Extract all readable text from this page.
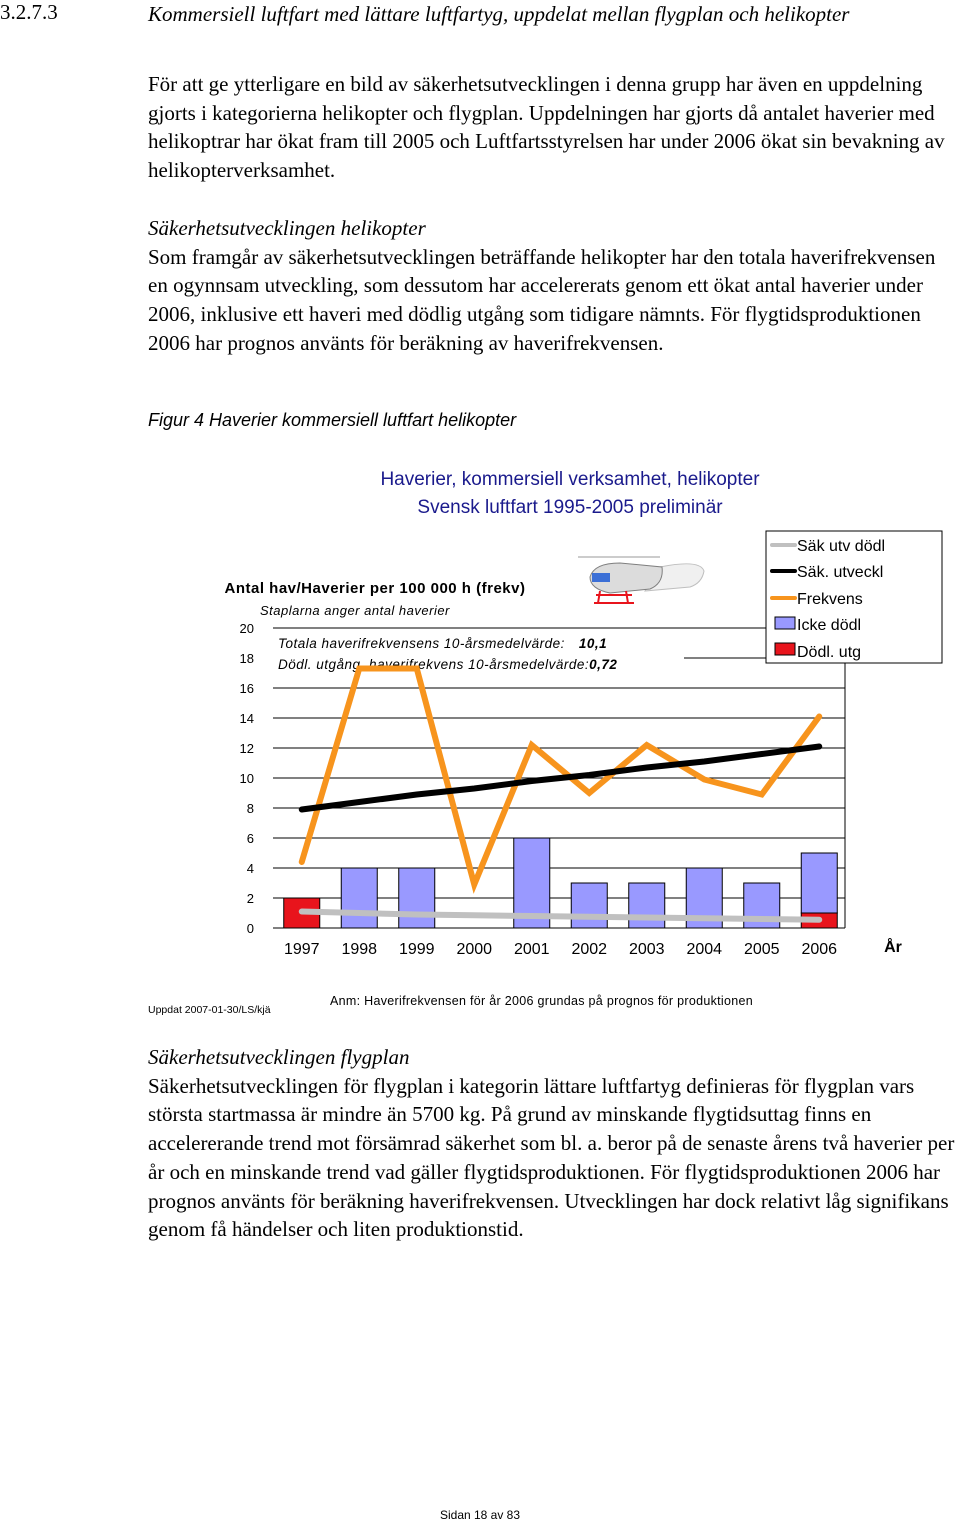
3.2.7.3	Kommersiell luftfart med lättare luftfartyg, uppdelat mellan flygplan och helikopter
För att ge ytterligare en bild av säkerhetsutvecklingen i denna grupp har även en uppdelning gjorts i kategorierna helikopter och flygplan. Uppdelningen har gjorts då antalet haverier med helikoptrar har ökat fram till 2005 och Luftfartsstyrelsen har under 2006 ökat sin bevakning av helikopterverksamhet.
Säkerhetsutvecklingen helikopter
Som framgår av säkerhetsutvecklingen beträffande helikopter har den totala haverifrekvensen en ogynnsam utveckling, som dessutom har accelererats genom ett ökat antal haverier under 2006, inklusive ett haveri med dödlig utgång som tidigare nämnts. För flygtidsproduktionen 2006 har prognos använts för beräkning av haverifrekvensen.
Figur 4 Haverier kommersiell luftfart helikopter
Haverier, kommersiell verksamhet, helikopter
Svensk luftfart 1995-2005 preliminär
0
2
4
6
8
10
12
14
16
18
20
1997 1998 1999 2000 2001 2002 2003 2004 2005 2006
Antal hav/Haverier per 100 000 h (frekv)
Staplarna anger antal haverier
År
Totala haverifrekvensens 10-årsmedelvärde: 10,1
Dödl. utgång, haverifrekvens 10-årsmedelvärde:0,72
Säk utv dödl
Säk. utveckl
Frekvens
Icke dödl
Dödl. utg
Uppdat 2007-01-30/LS/kjä
Anm: Haverifrekvensen för år 2006 grundas på prognos för produktionen
Säkerhetsutvecklingen flygplan
Säkerhetsutvecklingen för flygplan i kategorin lättare luftfartyg definieras för flygplan vars största startmassa är mindre än 5700 kg. På grund av minskande flygtidsuttag finns en accelererande trend mot försämrad säkerhet som bl. a. beror på de senaste årens två haverier per år och en minskande trend vad gäller flygtidsproduktionen. För flygtidsproduktionen 2006 har prognos använts för beräkning haverifrekvensen. Utvecklingen har dock relativt låg signifikans genom få händelser och liten produktionstid.
Sidan 18 av 83
